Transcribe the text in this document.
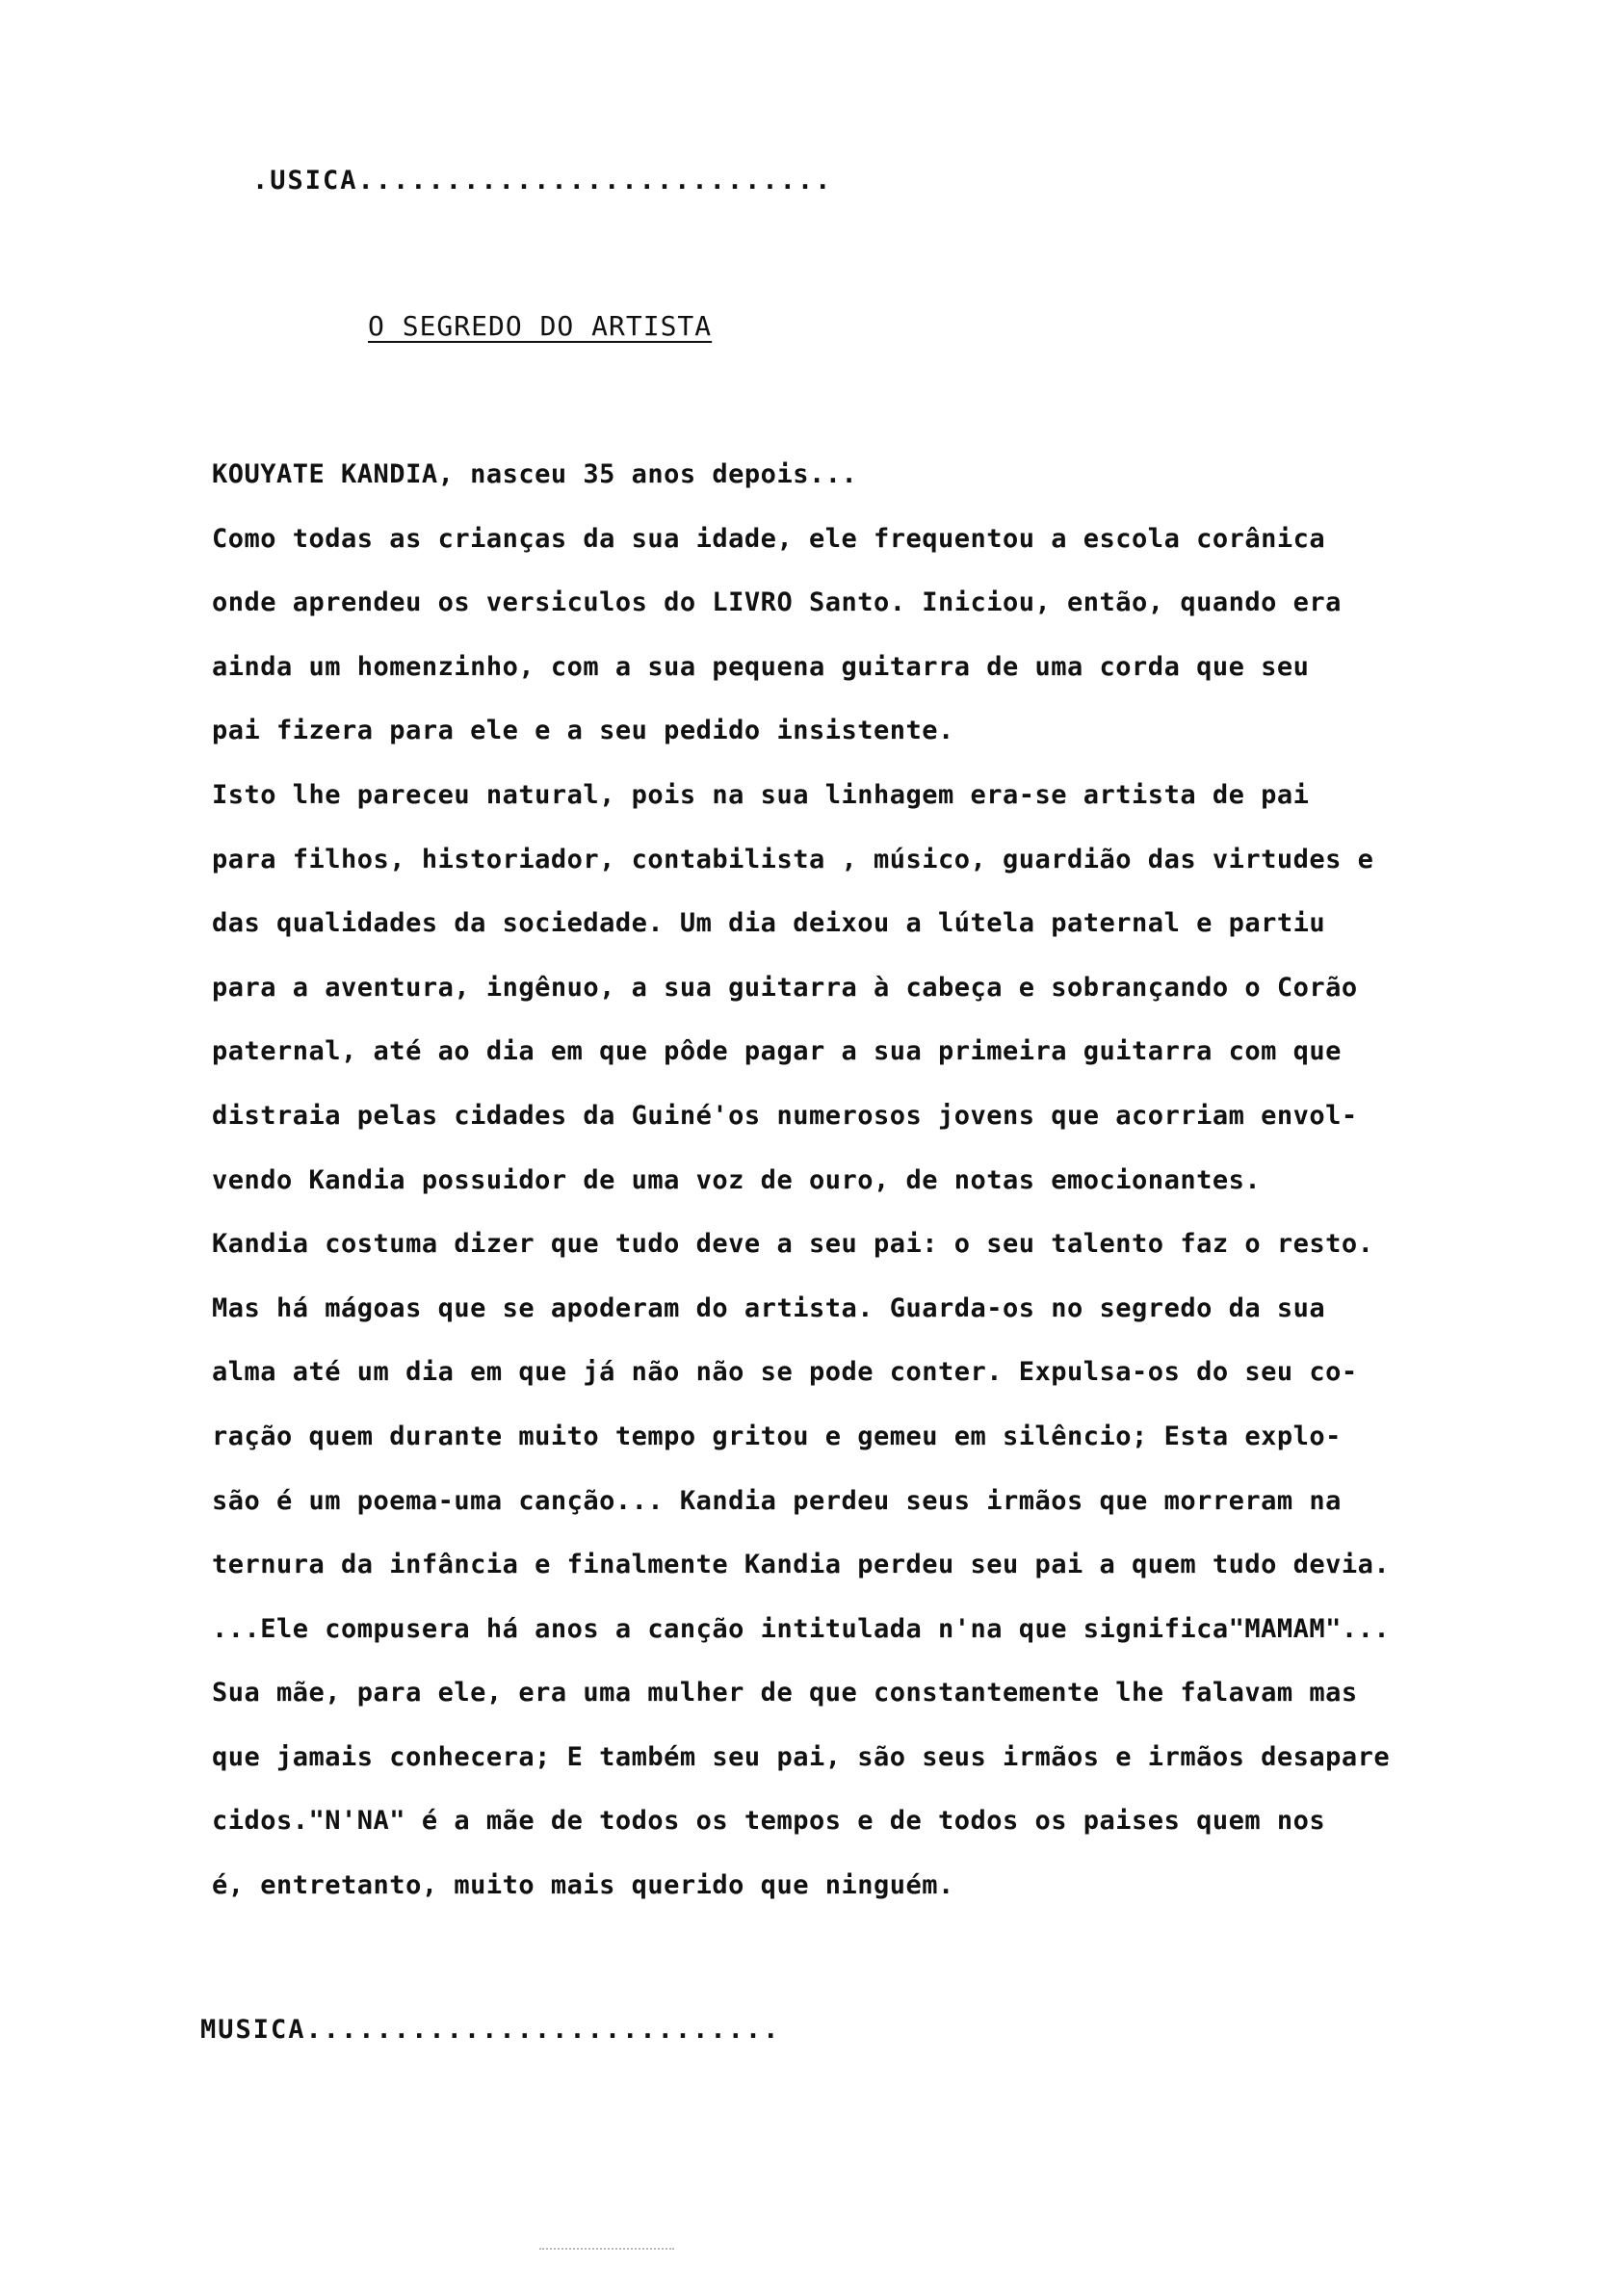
.USICA...........................
O SEGREDO DO ARTISTA
KOUYATE KANDIA, nasceu 35 anos depois...
Como todas as crianças da sua idade, ele frequentou a escola corânica
onde aprendeu os versiculos do LIVRO Santo. Iniciou, então, quando era
ainda um homenzinho, com a sua pequena guitarra de uma corda que seu
pai fizera para ele e a seu pedido insistente.
Isto lhe pareceu natural, pois na sua linhagem era-se artista de pai
para filhos, historiador, contabilista , músico, guardião das virtudes e
das qualidades da sociedade. Um dia deixou a lútela paternal e partiu
para a aventura, ingênuo, a sua guitarra à cabeça e sobrançando o Corão
paternal, até ao dia em que pôde pagar a sua primeira guitarra com que
distraia pelas cidades da Guiné'os numerosos jovens que acorriam envol-
vendo Kandia possuidor de uma voz de ouro, de notas emocionantes.
Kandia costuma dizer que tudo deve a seu pai: o seu talento faz o resto.
Mas há mágoas que se apoderam do artista. Guarda-os no segredo da sua
alma até um dia em que já não não se pode conter. Expulsa-os do seu co-
ração quem durante muito tempo gritou e gemeu em silêncio; Esta explo-
são é um poema-uma canção... Kandia perdeu seus irmãos que morreram na
ternura da infância e finalmente Kandia perdeu seu pai a quem tudo devia.
...Ele compusera há anos a canção intitulada n'na que significa"MAMAM"...
Sua mãe, para ele, era uma mulher de que constantemente lhe falavam mas
que jamais conhecera; E também seu pai, são seus irmãos e irmãos desapare
cidos."N'NA" é a mãe de todos os tempos e de todos os paises quem nos
é, entretanto, muito mais querido que ninguém.
MUSICA...........................
